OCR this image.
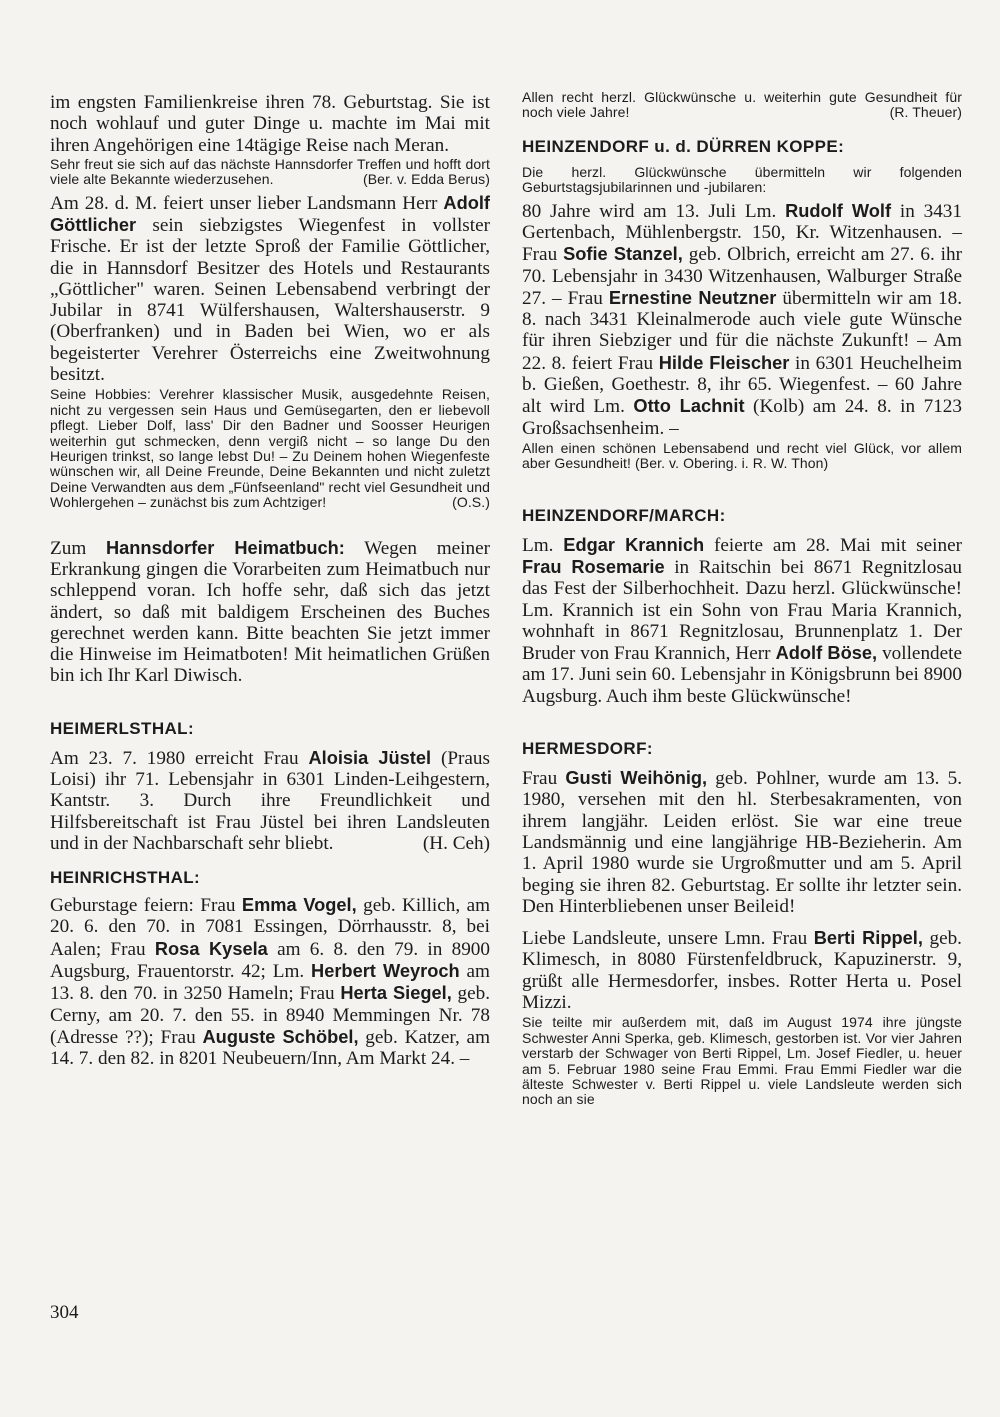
im engsten Familienkreise ihren 78. Geburtstag. Sie ist noch wohlauf und guter Dinge u. machte im Mai mit ihren Angehörigen eine 14tägige Reise nach Meran.

Sehr freut sie sich auf das nächste Hannsdorfer Treffen und hofft dort viele alte Bekannte wiederzusehen.	(Ber. v. Edda Berus)

Am 28. d. M. feiert unser lieber Landsmann Herr Adolf Göttlicher sein siebzigstes Wiegenfest in vollster Frische. Er ist der letzte Sproß der Familie Göttlicher, die in Hannsdorf Besitzer des Hotels und Restaurants „Göttlicher" waren. Seinen Lebensabend verbringt der Jubilar in 8741 Wülfershausen, Waltershauserstr. 9 (Oberfranken) und in Baden bei Wien, wo er als begeisterter Verehrer Österreichs eine Zweitwohnung besitzt.

Seine Hobbies: Verehrer klassischer Musik, ausgedehnte Reisen, nicht zu vergessen sein Haus und Gemüsegarten, den er liebevoll pflegt. Lieber Dolf, lass' Dir den Badner und Soosser Heurigen weiterhin gut schmecken, denn vergiß nicht – so lange Du den Heurigen trinkst, so lange lebst Du! – Zu Deinem hohen Wiegenfeste wünschen wir, all Deine Freunde, Deine Bekannten und nicht zuletzt Deine Verwandten aus dem „Fünfseenland" recht viel Gesundheit und Wohlergehen – zunächst bis zum Achtziger!	(O.S.)

Zum Hannsdorfer Heimatbuch: Wegen meiner Erkrankung gingen die Vorarbeiten zum Heimatbuch nur schleppend voran. Ich hoffe sehr, daß sich das jetzt ändert, so daß mit baldigem Erscheinen des Buches gerechnet werden kann. Bitte beachten Sie jetzt immer die Hinweise im Heimatboten! Mit heimatlichen Grüßen bin ich Ihr Karl Diwisch.

HEIMERLSTHAL:

Am 23. 7. 1980 erreicht Frau Aloisia Jüstel (Praus Loisi) ihr 71. Lebensjahr in 6301 Linden-Leihgestern, Kantstr. 3. Durch ihre Freundlichkeit und Hilfsbereitschaft ist Frau Jüstel bei ihren Landsleuten und in der Nachbarschaft sehr bliebt.	(H. Ceh)

HEINRICHSTHAL:

Geburstage feiern: Frau Emma Vogel, geb. Killich, am 20. 6. den 70. in 7081 Essingen, Dörrhausstr. 8, bei Aalen; Frau Rosa Kysela am 6. 8. den 79. in 8900 Augsburg, Frauentorstr. 42; Lm. Herbert Weyroch am 13. 8. den 70. in 3250 Hameln; Frau Herta Siegel, geb. Cerny, am 20. 7. den 55. in 8940 Memmingen Nr. 78 (Adresse ??); Frau Auguste Schöbel, geb. Katzer, am 14. 7. den 82. in 8201 Neubeuern/Inn, Am Markt 24. –

Allen recht herzl. Glückwünsche u. weiterhin gute Gesundheit für noch viele Jahre!	(R. Theuer)

HEINZENDORF u. d. DÜRREN KOPPE:

Die herzl. Glückwünsche übermitteln wir folgenden Geburtstagsjubilarinnen und -jubilaren:

80 Jahre wird am 13. Juli Lm. Rudolf Wolf in 3431 Gertenbach, Mühlenbergstr. 150, Kr. Witzenhausen. – Frau Sofie Stanzel, geb. Olbrich, erreicht am 27. 6. ihr 70. Lebensjahr in 3430 Witzenhausen, Walburger Straße 27. – Frau Ernestine Neutzner übermitteln wir am 18. 8. nach 3431 Kleinalmerode auch viele gute Wünsche für ihren Siebziger und für die nächste Zukunft! – Am 22. 8. feiert Frau Hilde Fleischer in 6301 Heuchelheim b. Gießen, Goethestr. 8, ihr 65. Wiegenfest. – 60 Jahre alt wird Lm. Otto Lachnit (Kolb) am 24. 8. in 7123 Großsachsenheim. –

Allen einen schönen Lebensabend und recht viel Glück, vor allem aber Gesundheit! (Ber. v. Obering. i. R. W. Thon)

HEINZENDORF/MARCH:

Lm. Edgar Krannich feierte am 28. Mai mit seiner Frau Rosemarie in Raitschin bei 8671 Regnitzlosau das Fest der Silberhochheit. Dazu herzl. Glückwünsche! Lm. Krannich ist ein Sohn von Frau Maria Krannich, wohnhaft in 8671 Regnitzlosau, Brunnenplatz 1. Der Bruder von Frau Krannich, Herr Adolf Böse, vollendete am 17. Juni sein 60. Lebensjahr in Königsbrunn bei 8900 Augsburg. Auch ihm beste Glückwünsche!

HERMESDORF:

Frau Gusti Weihönig, geb. Pohlner, wurde am 13. 5. 1980, versehen mit den hl. Sterbesakramenten, von ihrem langjähr. Leiden erlöst. Sie war eine treue Landsmännig und eine langjährige HB-Bezieherin. Am 1. April 1980 wurde sie Urgroßmutter und am 5. April beging sie ihren 82. Geburtstag. Er sollte ihr letzter sein. Den Hinterbliebenen unser Beileid!

Liebe Landsleute, unsere Lmn. Frau Berti Rippel, geb. Klimesch, in 8080 Fürstenfeldbruck, Kapuzinerstr. 9, grüßt alle Hermesdorfer, insbes. Rotter Herta u. Posel Mizzi.

Sie teilte mir außerdem mit, daß im August 1974 ihre jüngste Schwester Anni Sperka, geb. Klimesch, gestorben ist. Vor vier Jahren verstarb der Schwager von Berti Rippel, Lm. Josef Fiedler, u. heuer am 5. Februar 1980 seine Frau Emmi. Frau Emmi Fiedler war die älteste Schwester v. Berti Rippel u. viele Landsleute werden sich noch an sie

304
